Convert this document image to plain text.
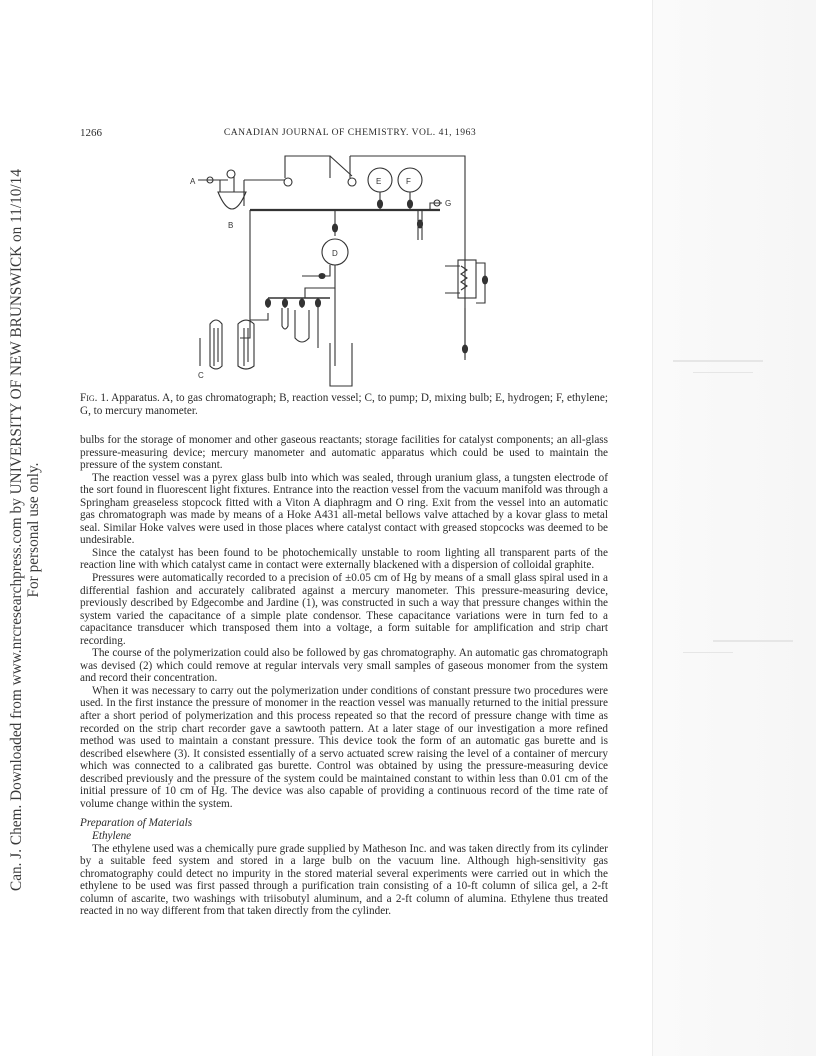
Can. J. Chem. Downloaded from www.nrcresearchpress.com by UNIVERSITY OF NEW BRUNSWICK on 11/10/14 For personal use only.
1266	CANADIAN JOURNAL OF CHEMISTRY. VOL. 41, 1963
A
B
C
D
E	F
G
Fig. 1. Apparatus. A, to gas chromatograph; B, reaction vessel; C, to pump; D, mixing bulb; E, hydrogen; F, ethylene; G, to mercury manometer.

bulbs for the storage of monomer and other gaseous reactants; storage facilities for catalyst components; an all-glass pressure-measuring device; mercury manometer and automatic apparatus which could be used to maintain the pressure of the system constant.

The reaction vessel was a pyrex glass bulb into which was sealed, through uranium glass, a tungsten electrode of the sort found in fluorescent light fixtures. Entrance into the reaction vessel from the vacuum manifold was through a Springham greaseless stopcock fitted with a Viton A diaphragm and O ring. Exit from the vessel into an automatic gas chromatograph was made by means of a Hoke A431 all-metal bellows valve attached by a kovar glass to metal seal. Similar Hoke valves were used in those places where catalyst contact with greased stopcocks was deemed to be undesirable.

Since the catalyst has been found to be photochemically unstable to room lighting all transparent parts of the reaction line with which catalyst came in contact were externally blackened with a dispersion of colloidal graphite.

Pressures were automatically recorded to a precision of ±0.05 cm of Hg by means of a small glass spiral used in a differential fashion and accurately calibrated against a mercury manometer. This pressure-measuring device, previously described by Edgecombe and Jardine (1), was constructed in such a way that pressure changes within the system varied the capacitance of a simple plate condensor. These capacitance variations were in turn fed to a capacitance transducer which transposed them into a voltage, a form suitable for amplification and strip chart recording.

The course of the polymerization could also be followed by gas chromatography. An automatic gas chromatograph was devised (2) which could remove at regular intervals very small samples of gaseous monomer from the system and record their concentration.

When it was necessary to carry out the polymerization under conditions of constant pressure two procedures were used. In the first instance the pressure of monomer in the reaction vessel was manually returned to the initial pressure after a short period of polymerization and this process repeated so that the record of pressure change with time as recorded on the strip chart recorder gave a sawtooth pattern. At a later stage of our investigation a more refined method was used to maintain a constant pressure. This device took the form of an automatic gas burette and is described elsewhere (3). It consisted essentially of a servo actuated screw raising the level of a container of mercury which was connected to a calibrated gas burette. Control was obtained by using the pressure-measuring device described previously and the pressure of the system could be maintained constant to within less than 0.01 cm of the initial pressure of 10 cm of Hg. The device was also capable of providing a continuous record of the time rate of volume change within the system.

Preparation of Materials
Ethylene

The ethylene used was a chemically pure grade supplied by Matheson Inc. and was taken directly from its cylinder by a suitable feed system and stored in a large bulb on the vacuum line. Although high-sensitivity gas chromatography could detect no impurity in the stored material several experiments were carried out in which the ethylene to be used was first passed through a purification train consisting of a 10-ft column of silica gel, a 2-ft column of ascarite, two washings with triisobutyl aluminum, and a 2-ft column of alumina. Ethylene thus treated reacted in no way different from that taken directly from the cylinder.
